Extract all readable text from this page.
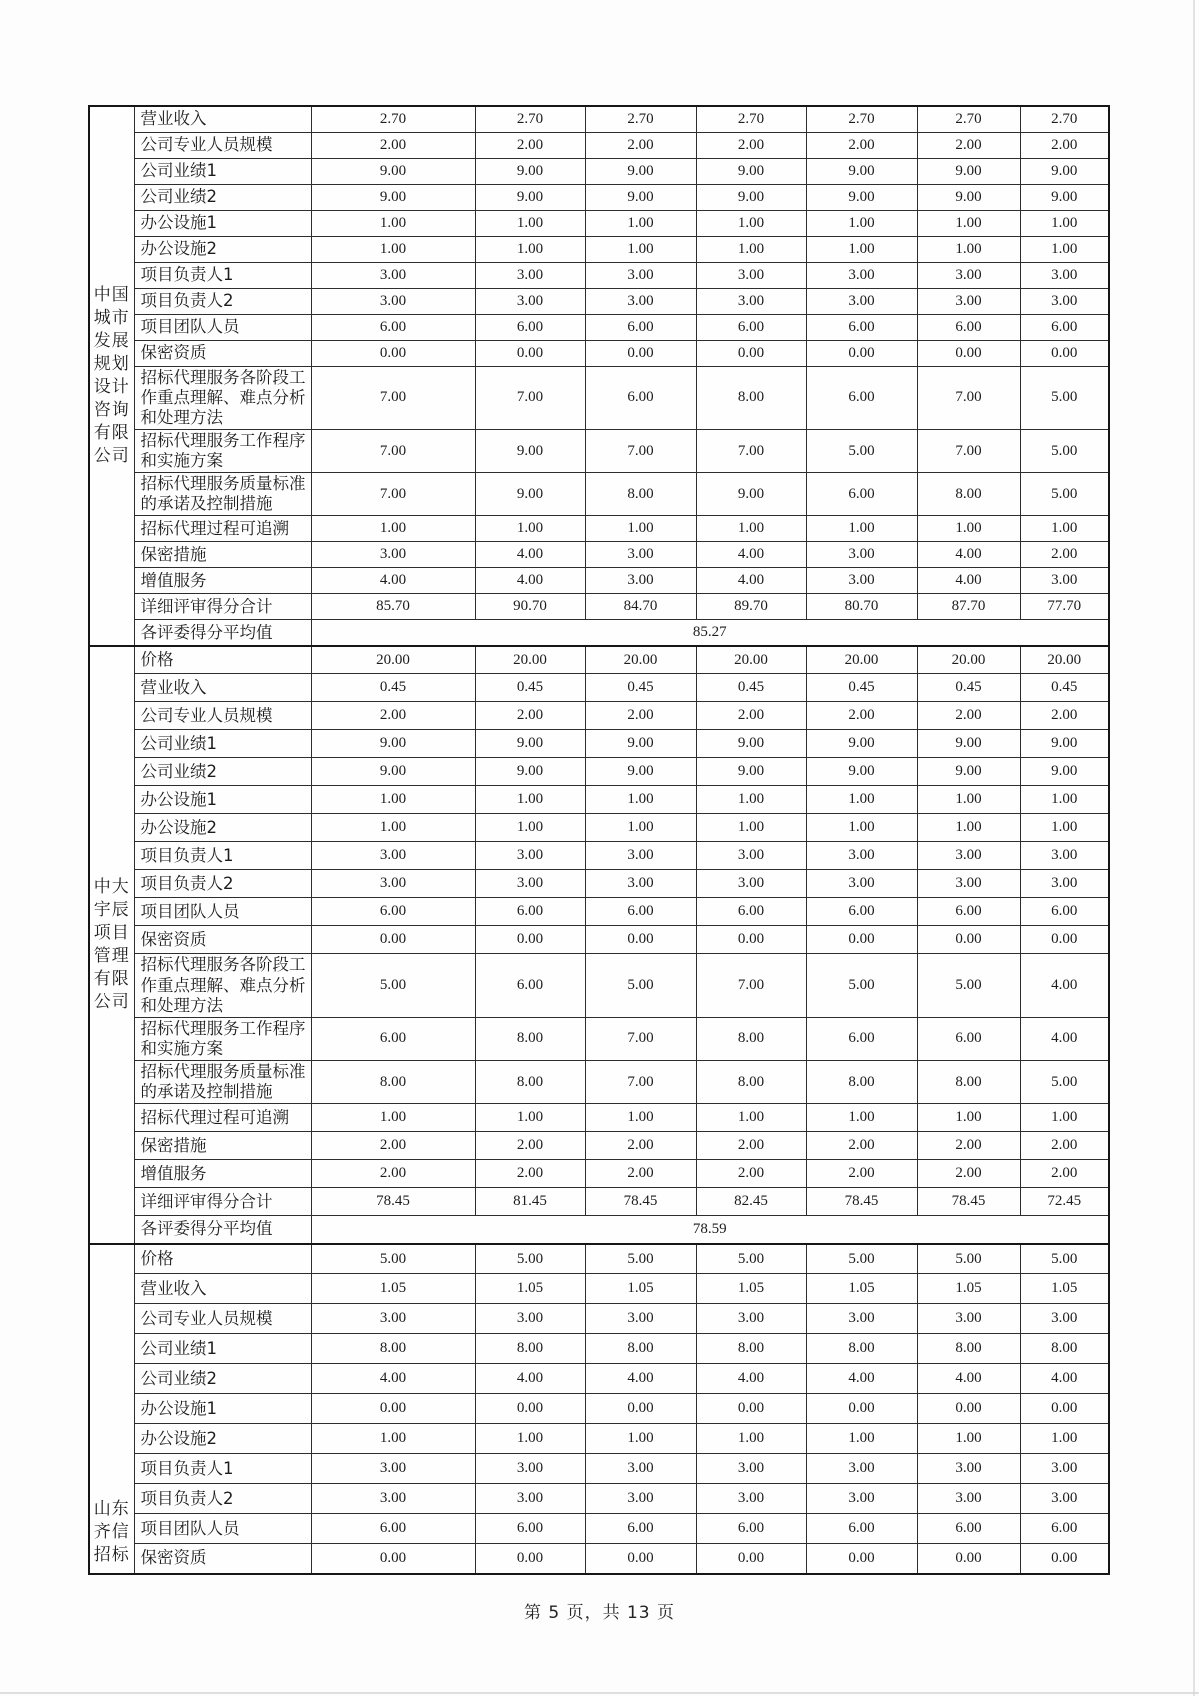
中国城市发展规划设计咨询有限公司	营业收入	2.70	2.70	2.70	2.70	2.70	2.70	2.70
	公司专业人员规模	2.00	2.00	2.00	2.00	2.00	2.00	2.00
	公司业绩1	9.00	9.00	9.00	9.00	9.00	9.00	9.00
	公司业绩2	9.00	9.00	9.00	9.00	9.00	9.00	9.00
	办公设施1	1.00	1.00	1.00	1.00	1.00	1.00	1.00
	办公设施2	1.00	1.00	1.00	1.00	1.00	1.00	1.00
	项目负责人1	3.00	3.00	3.00	3.00	3.00	3.00	3.00
	项目负责人2	3.00	3.00	3.00	3.00	3.00	3.00	3.00
	项目团队人员	6.00	6.00	6.00	6.00	6.00	6.00	6.00
	保密资质	0.00	0.00	0.00	0.00	0.00	0.00	0.00
	招标代理服务各阶段工作重点理解、难点分析和处理方法	7.00	7.00	6.00	8.00	6.00	7.00	5.00
	招标代理服务工作程序和实施方案	7.00	9.00	7.00	7.00	5.00	7.00	5.00
	招标代理服务质量标准的承诺及控制措施	7.00	9.00	8.00	9.00	6.00	8.00	5.00
	招标代理过程可追溯	1.00	1.00	1.00	1.00	1.00	1.00	1.00
	保密措施	3.00	4.00	3.00	4.00	3.00	4.00	2.00
	增值服务	4.00	4.00	3.00	4.00	3.00	4.00	3.00
	详细评审得分合计	85.70	90.70	84.70	89.70	80.70	87.70	77.70
	各评委得分平均值	85.27						
中大宇辰项目管理有限公司	价格	20.00	20.00	20.00	20.00	20.00	20.00	20.00
	营业收入	0.45	0.45	0.45	0.45	0.45	0.45	0.45
	公司专业人员规模	2.00	2.00	2.00	2.00	2.00	2.00	2.00
	公司业绩1	9.00	9.00	9.00	9.00	9.00	9.00	9.00
	公司业绩2	9.00	9.00	9.00	9.00	9.00	9.00	9.00
	办公设施1	1.00	1.00	1.00	1.00	1.00	1.00	1.00
	办公设施2	1.00	1.00	1.00	1.00	1.00	1.00	1.00
	项目负责人1	3.00	3.00	3.00	3.00	3.00	3.00	3.00
	项目负责人2	3.00	3.00	3.00	3.00	3.00	3.00	3.00
	项目团队人员	6.00	6.00	6.00	6.00	6.00	6.00	6.00
	保密资质	0.00	0.00	0.00	0.00	0.00	0.00	0.00
	招标代理服务各阶段工作重点理解、难点分析和处理方法	5.00	6.00	5.00	7.00	5.00	5.00	4.00
	招标代理服务工作程序和实施方案	6.00	8.00	7.00	8.00	6.00	6.00	4.00
	招标代理服务质量标准的承诺及控制措施	8.00	8.00	7.00	8.00	8.00	8.00	5.00
	招标代理过程可追溯	1.00	1.00	1.00	1.00	1.00	1.00	1.00
	保密措施	2.00	2.00	2.00	2.00	2.00	2.00	2.00
	增值服务	2.00	2.00	2.00	2.00	2.00	2.00	2.00
	详细评审得分合计	78.45	81.45	78.45	82.45	78.45	78.45	72.45
	各评委得分平均值	78.59						
山东齐信招标	价格	5.00	5.00	5.00	5.00	5.00	5.00	5.00
	营业收入	1.05	1.05	1.05	1.05	1.05	1.05	1.05
	公司专业人员规模	3.00	3.00	3.00	3.00	3.00	3.00	3.00
	公司业绩1	8.00	8.00	8.00	8.00	8.00	8.00	8.00
	公司业绩2	4.00	4.00	4.00	4.00	4.00	4.00	4.00
	办公设施1	0.00	0.00	0.00	0.00	0.00	0.00	0.00
	办公设施2	1.00	1.00	1.00	1.00	1.00	1.00	1.00
	项目负责人1	3.00	3.00	3.00	3.00	3.00	3.00	3.00
	项目负责人2	3.00	3.00	3.00	3.00	3.00	3.00	3.00
	项目团队人员	6.00	6.00	6.00	6.00	6.00	6.00	6.00
	保密资质	0.00	0.00	0.00	0.00	0.00	0.00	0.00
第 5 页，共 13 页
